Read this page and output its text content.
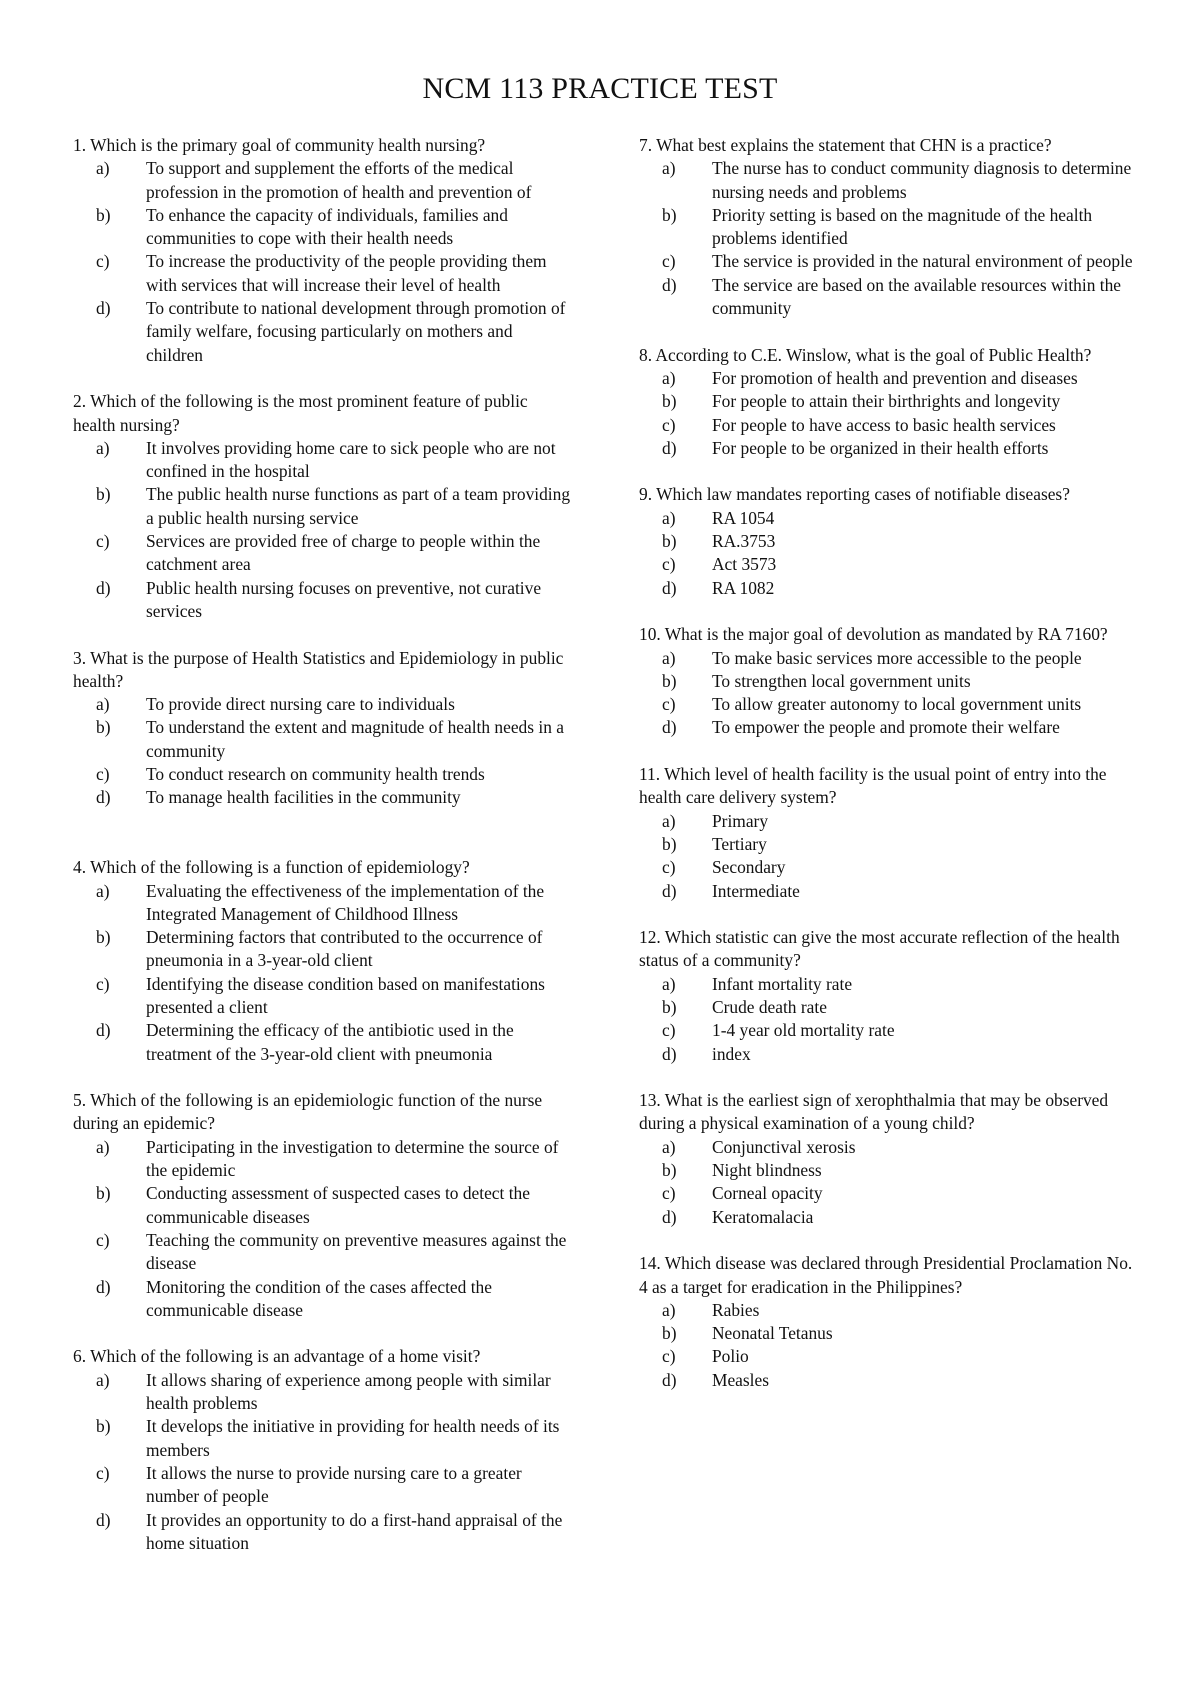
NCM 113 PRACTICE TEST

1. Which is the primary goal of community health nursing?

a) To support and supplement the efforts of the medical profession in the promotion of health and prevention of
b) To enhance the capacity of individuals, families and communities to cope with their health needs
c) To increase the productivity of the people providing them with services that will increase their level of health
d) To contribute to national development through promotion of family welfare, focusing particularly on mothers and children

2. Which of the following is the most prominent feature of public health nursing?

a) It involves providing home care to sick people who are not confined in the hospital
b) The public health nurse functions as part of a team providing a public health nursing service
c) Services are provided free of charge to people within the catchment area
d) Public health nursing focuses on preventive, not curative services

3. What is the purpose of Health Statistics and Epidemiology in public health?

a) To provide direct nursing care to individuals
b) To understand the extent and magnitude of health needs in a community
c) To conduct research on community health trends
d) To manage health facilities in the community

4. Which of the following is a function of epidemiology?

a) Evaluating the effectiveness of the implementation of the Integrated Management of Childhood Illness
b) Determining factors that contributed to the occurrence of pneumonia in a 3-year-old client
c) Identifying the disease condition based on manifestations presented a client
d) Determining the efficacy of the antibiotic used in the treatment of the 3-year-old client with pneumonia

5. Which of the following is an epidemiologic function of the nurse during an epidemic?

a) Participating in the investigation to determine the source of the epidemic
b) Conducting assessment of suspected cases to detect the communicable diseases
c) Teaching the community on preventive measures against the disease
d) Monitoring the condition of the cases affected the communicable disease

6. Which of the following is an advantage of a home visit?

a) It allows sharing of experience among people with similar health problems
b) It develops the initiative in providing for health needs of its members
c) It allows the nurse to provide nursing care to a greater number of people
d) It provides an opportunity to do a first-hand appraisal of the home situation

7. What best explains the statement that CHN is a practice?

a) The nurse has to conduct community diagnosis to determine nursing needs and problems
b) Priority setting is based on the magnitude of the health problems identified
c) The service is provided in the natural environment of people
d) The service are based on the available resources within the community

8. According to C.E. Winslow, what is the goal of Public Health?

a) For promotion of health and prevention and diseases
b) For people to attain their birthrights and longevity
c) For people to have access to basic health services
d) For people to be organized in their health efforts

9. Which law mandates reporting cases of notifiable diseases?

a) RA 1054
b) RA.3753
c) Act 3573
d) RA 1082

10. What is the major goal of devolution as mandated by RA 7160?

a) To make basic services more accessible to the people
b) To strengthen local government units
c) To allow greater autonomy to local government units
d) To empower the people and promote their welfare

11. Which level of health facility is the usual point of entry into the health care delivery system?

a) Primary
b) Tertiary
c) Secondary
d) Intermediate

12. Which statistic can give the most accurate reflection of the health status of a community?

a) Infant mortality rate
b) Crude death rate
c) 1-4 year old mortality rate
d) index

13. What is the earliest sign of xerophthalmia that may be observed during a physical examination of a young child?

a) Conjunctival xerosis
b) Night blindness
c) Corneal opacity
d) Keratomalacia

14. Which disease was declared through Presidential Proclamation No. 4 as a target for eradication in the Philippines?

a) Rabies
b) Neonatal Tetanus
c) Polio
d) Measles
